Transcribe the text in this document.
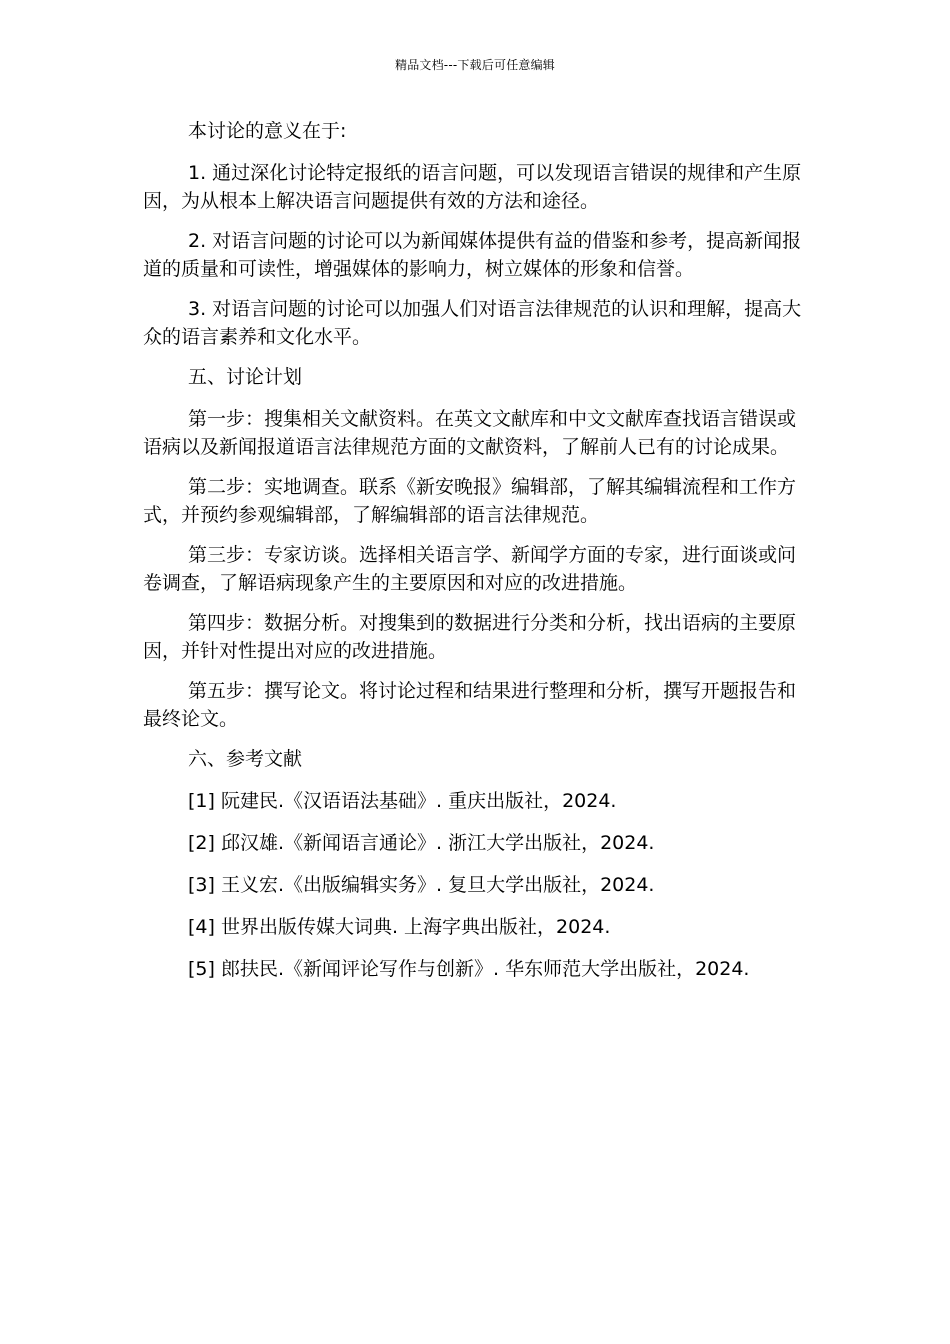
精品文档---下载后可任意编辑

本讨论的意义在于:

1. 通过深化讨论特定报纸的语言问题，可以发现语言错误的规律和产生原因，为从根本上解决语言问题提供有效的方法和途径。

2. 对语言问题的讨论可以为新闻媒体提供有益的借鉴和参考，提高新闻报道的质量和可读性，增强媒体的影响力，树立媒体的形象和信誉。

3. 对语言问题的讨论可以加强人们对语言法律规范的认识和理解，提高大众的语言素养和文化水平。

五、讨论计划

第一步：搜集相关文献资料。在英文文献库和中文文献库查找语言错误或语病以及新闻报道语言法律规范方面的文献资料，了解前人已有的讨论成果。

第二步：实地调查。联系《新安晚报》编辑部，了解其编辑流程和工作方式，并预约参观编辑部，了解编辑部的语言法律规范。

第三步：专家访谈。选择相关语言学、新闻学方面的专家，进行面谈或问卷调查，了解语病现象产生的主要原因和对应的改进措施。

第四步：数据分析。对搜集到的数据进行分类和分析，找出语病的主要原因，并针对性提出对应的改进措施。

第五步：撰写论文。将讨论过程和结果进行整理和分析，撰写开题报告和最终论文。

六、参考文献

[1] 阮建民.《汉语语法基础》. 重庆出版社，2024.

[2] 邱汉雄.《新闻语言通论》. 浙江大学出版社，2024.

[3] 王义宏.《出版编辑实务》. 复旦大学出版社，2024.

[4] 世界出版传媒大词典. 上海字典出版社，2024.

[5] 郎扶民.《新闻评论写作与创新》. 华东师范大学出版社，2024.
